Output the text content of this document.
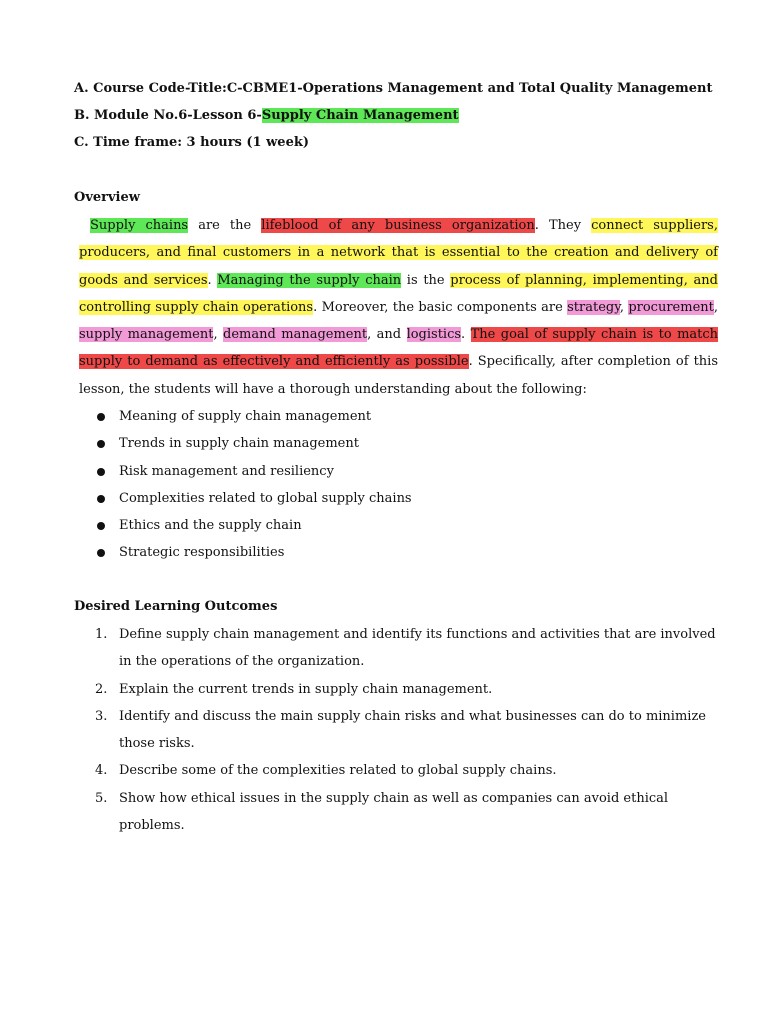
A. Course Code-Title:C-CBME1-Operations Management and Total Quality Management
B. Module No.6-Lesson 6-Supply Chain Management
C. Time frame: 3 hours (1 week)
Overview

Supply chains are the lifeblood of any business organization. They connect suppliers, producers, and final customers in a network that is essential to the creation and delivery of goods and services. Managing the supply chain is the process of planning, implementing, and controlling supply chain operations. Moreover, the basic components are strategy, procurement, supply management, demand management, and logistics. The goal of supply chain is to match supply to demand as effectively and efficiently as possible. Specifically, after completion of this lesson, the students will have a thorough understanding about the following:

Meaning of supply chain management
Trends in supply chain management
Risk management and resiliency
Complexities related to global supply chains
Ethics and the supply chain
Strategic responsibilities
Desired Learning Outcomes
1. Define supply chain management and identify its functions and activities that are involved in the operations of the organization.
2. Explain the current trends in supply chain management.
3. Identify and discuss the main supply chain risks and what businesses can do to minimize those risks.
4. Describe some of the complexities related to global supply chains.
5. Show how ethical issues in the supply chain as well as companies can avoid ethical problems.
